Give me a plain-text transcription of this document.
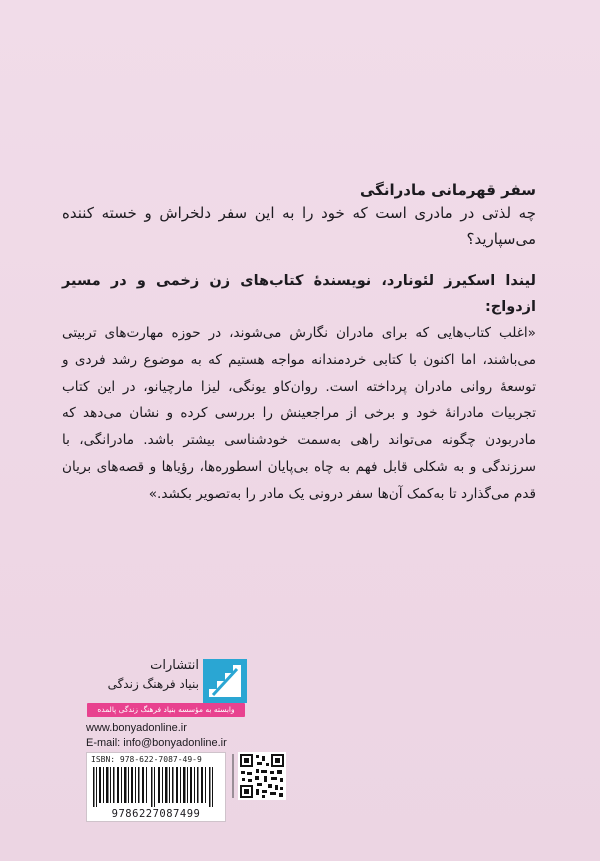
سفر قهرمانی مادرانگی
چه لذتی در مادری است که خود را به این سفر دلخراش و خسته کننده می‌سپارید؟
لیندا اسکیرز لئونارد، نویسندهٔ کتاب‌های زن زخمی و در مسیر ازدواج:
«اغلب کتاب‌هایی که برای مادران نگارش می‌شوند، در حوزه مهارت‌های تربیتی می‌باشند، اما اکنون با کتابی خردمندانه مواجه هستیم که به موضوع رشد فردی و توسعهٔ روانی مادران پرداخته است. روان‌کاو یونگی، لیزا مارچیانو، در این کتاب تجربیات مادرانهٔ خود و برخی از مراجعینش را بررسی کرده و نشان می‌دهد که مادربودن چگونه می‌تواند راهی به‌سمت خودشناسی بیشتر باشد. مادرانگی، با سرزندگی و به شکلی قابل فهم به چاه بی‌پایان اسطوره‌ها، رؤیاها و قصه‌های بریان قدم می‌گذارد تا به‌کمک آن‌ها سفر درونی یک مادر را به‌تصویر بکشد.»
انتشارات
بنیاد فرهنگ زندگی
وابسته به مؤسسه بنیاد فرهنگ زندگی پالمده
www.bonyadonline.ir
E-mail: info@bonyadonline.ir
ISBN: 978-622-7087-49-9
9786227087499
